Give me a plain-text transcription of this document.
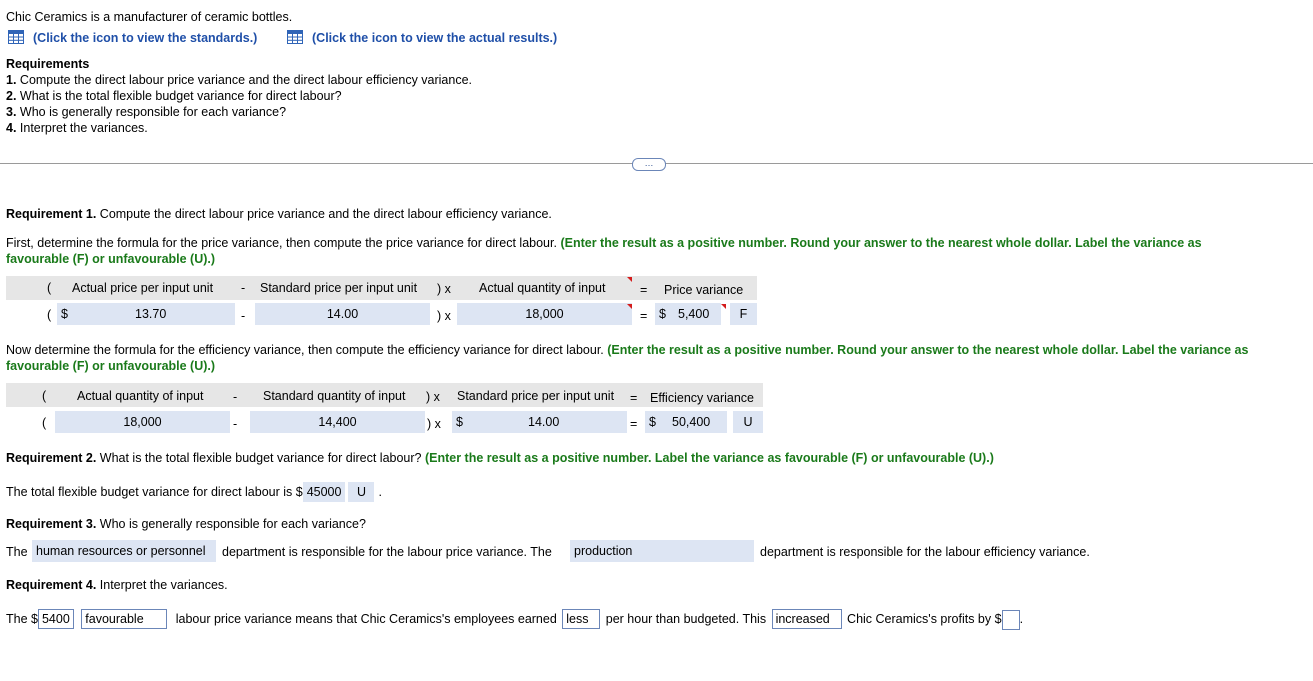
Chic Ceramics is a manufacturer of ceramic bottles.
(Click the icon to view the standards.)	(Click the icon to view the actual results.)
Requirements
1. Compute the direct labour price variance and the direct labour efficiency variance.
2. What is the total flexible budget variance for direct labour?
3. Who is generally responsible for each variance?
4. Interpret the variances.
…
Requirement 1. Compute the direct labour price variance and the direct labour efficiency variance.
First, determine the formula for the price variance, then compute the price variance for direct labour. (Enter the result as a positive number. Round your answer to the nearest whole dollar. Label the variance as
favourable (F) or unfavourable (U).)
( Actual price per input unit - Standard price per input unit ) x Actual quantity of input	= Price variance
( $	13.70	-	14.00	) x	18,000	= $ 5,400	F
Now determine the formula for the efficiency variance, then compute the efficiency variance for direct labour. (Enter the result as a positive number. Round your answer to the nearest whole dollar. Label the variance as
favourable (F) or unfavourable (U).)
( Actual quantity of input - Standard quantity of input ) x Standard price per input unit = Efficiency variance
(	18,000	-	14,400	) x	$	14.00	= $ 50,400	U
Requirement 2. What is the total flexible budget variance for direct labour? (Enter the result as a positive number. Label the variance as favourable (F) or unfavourable (U).)
The total flexible budget variance for direct labour is $ 45000 U .
Requirement 3. Who is generally responsible for each variance?
The human resources or personnel	department is responsible for the labour price variance. The	production	department is responsible for the labour efficiency variance.
Requirement 4. Interpret the variances.
The $ 5400 favourable	labour price variance means that Chic Ceramics's employees earned less per hour than budgeted. This increased Chic Ceramics's profits by $ .
